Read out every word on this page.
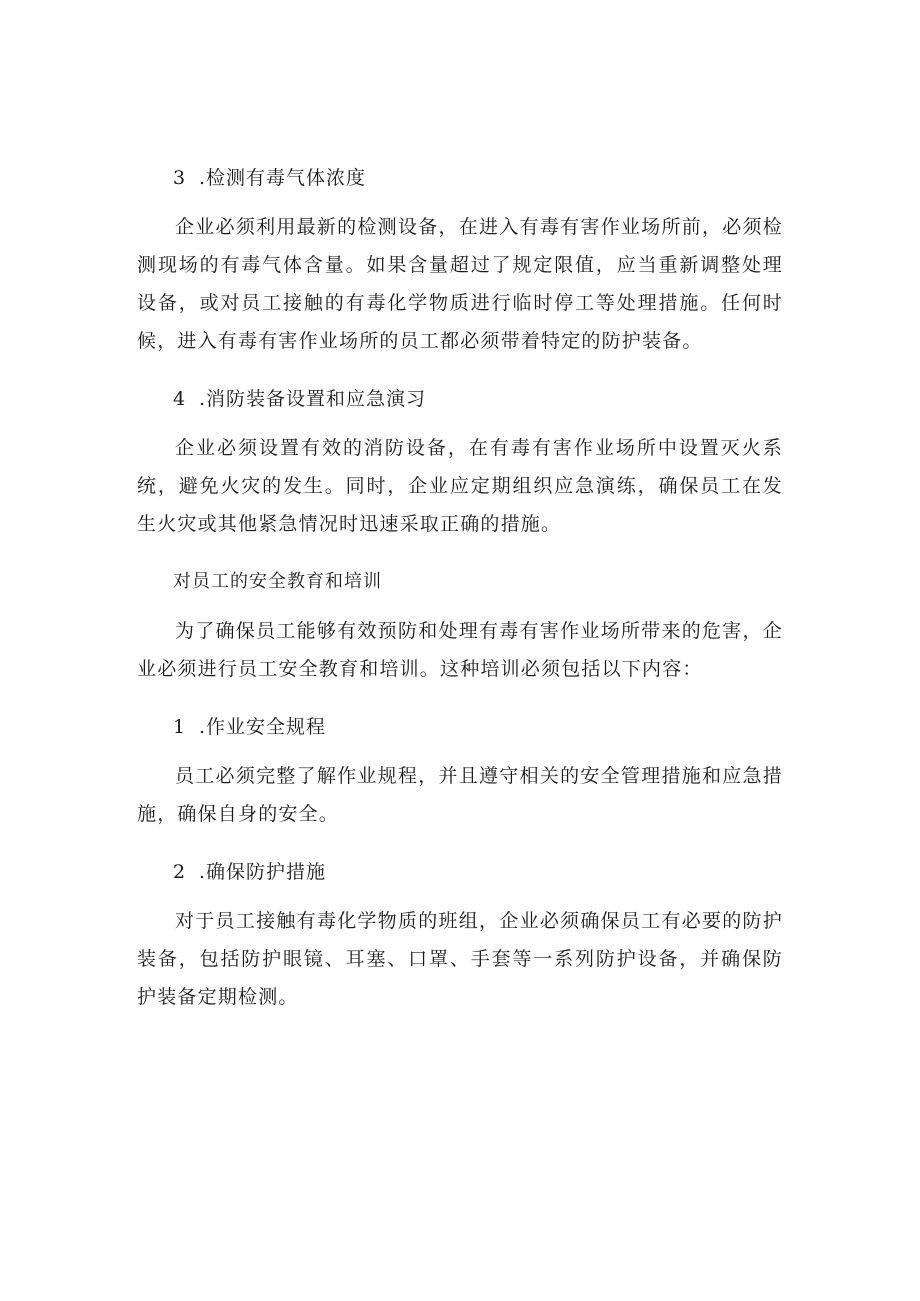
3 .检测有毒气体浓度

企业必须利用最新的检测设备，在进入有毒有害作业场所前，必须检测现场的有毒气体含量。如果含量超过了规定限值，应当重新调整处理设备，或对员工接触的有毒化学物质进行临时停工等处理措施。任何时候，进入有毒有害作业场所的员工都必须带着特定的防护装备。

4 .消防装备设置和应急演习

企业必须设置有效的消防设备，在有毒有害作业场所中设置灭火系统，避免火灾的发生。同时，企业应定期组织应急演练，确保员工在发生火灾或其他紧急情况时迅速采取正确的措施。

对员工的安全教育和培训

为了确保员工能够有效预防和处理有毒有害作业场所带来的危害，企业必须进行员工安全教育和培训。这种培训必须包括以下内容：

1 .作业安全规程

员工必须完整了解作业规程，并且遵守相关的安全管理措施和应急措施，确保自身的安全。

2 .确保防护措施

对于员工接触有毒化学物质的班组，企业必须确保员工有必要的防护装备，包括防护眼镜、耳塞、口罩、手套等一系列防护设备，并确保防护装备定期检测。
